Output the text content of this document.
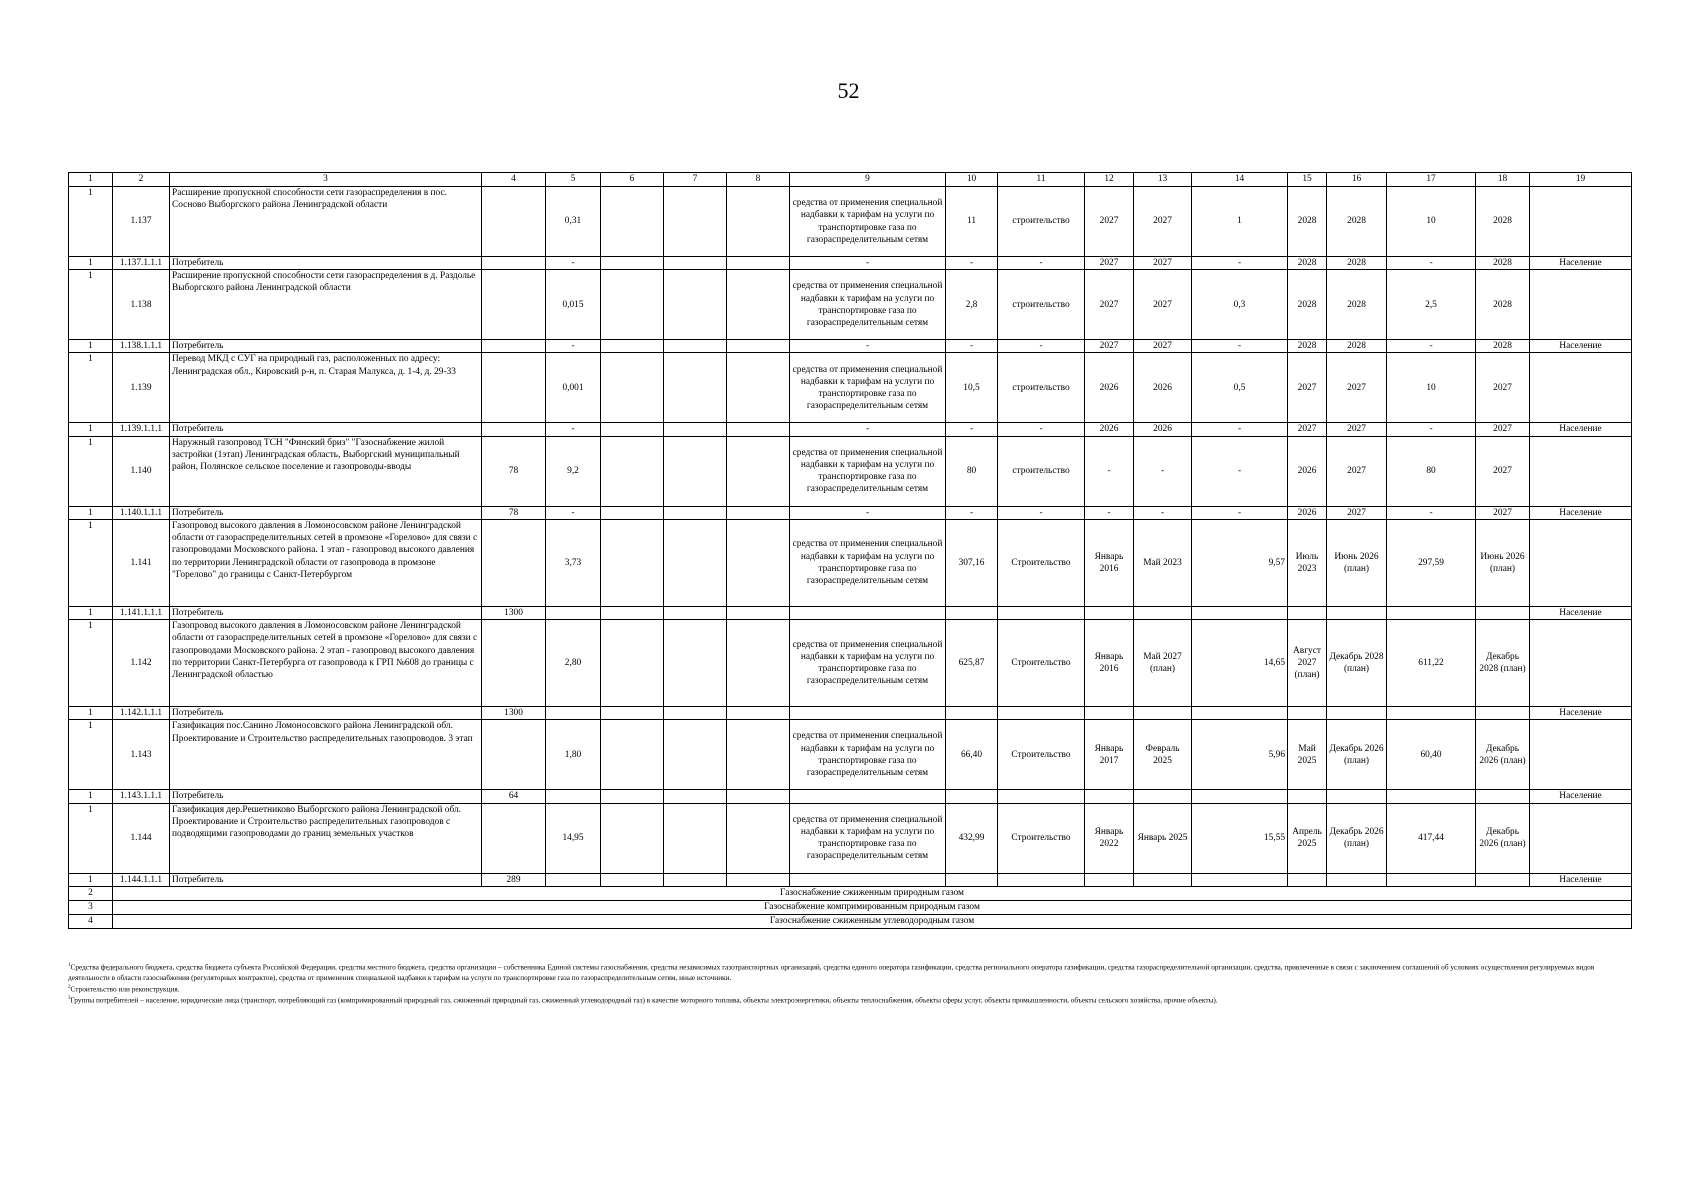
52
1	2	3	4	5	6	7	8	9	10	11	12	13	14	15	16	17	18	19
1	1.137	Расширение пропускной способности сети газораспределения в пос. Сосново Выборгского района Ленинградской области		0,31				средства от применения специальной надбавки к тарифам на услуги по транспортировке газа по газораспределительным сетям	11	строительство	2027	2027	1	2028	2028	10	2028	
1	1.137.1.1.1	Потребитель		-				-	-	-	2027	2027	-	2028	2028	-	2028	Население
1	1.138	Расширение пропускной способности сети газораспределения в д. Раздолье Выборгского района Ленинградской области		0,015				средства от применения специальной надбавки к тарифам на услуги по транспортировке газа по газораспределительным сетям	2,8	строительство	2027	2027	0,3	2028	2028	2,5	2028	
1	1.138.1.1.1	Потребитель		-				-	-	-	2027	2027	-	2028	2028	-	2028	Население
1	1.139	Перевод МКД с СУГ на природный газ, расположенных по адресу: Ленинградская обл., Кировский р-н, п. Старая Малукса, д. 1-4, д. 29-33		0,001				средства от применения специальной надбавки к тарифам на услуги по транспортировке газа по газораспределительным сетям	10,5	строительство	2026	2026	0,5	2027	2027	10	2027	
1	1.139.1.1.1	Потребитель		-				-	-	-	2026	2026	-	2027	2027	-	2027	Население
1	1.140	Наружный газопровод ТСН "Финский бриз" "Газоснабжение жилой застройки (1этап) Ленинградская область, Выборгский муниципальный район, Полянское сельское поселение и газопроводы-вводы	78	9,2				средства от применения специальной надбавки к тарифам на услуги по транспортировке газа по газораспределительным сетям	80	строительство	-	-	-	2026	2027	80	2027	
1	1.140.1.1.1	Потребитель	78	-				-	-	-	-	-	-	2026	2027	-	2027	Население
1	1.141	Газопровод высокого давления в Ломоносовском районе Ленинградской области от газораспределительных сетей в промзоне «Горелово» для связи с газопроводами Московского района. 1 этап - газопровод высокого давления по территории Ленинградской области от газопровода в промзоне "Горелово" до границы с Санкт-Петербургом		3,73				средства от применения специальной надбавки к тарифам на услуги по транспортировке газа по газораспределительным сетям	307,16	Строительство	Январь 2016	Май 2023	9,57	Июль 2023	Июнь 2026 (план)	297,59	Июнь 2026 (план)	
1	1.141.1.1.1	Потребитель	1300															Население
1	1.142	Газопровод высокого давления в Ломоносовском районе Ленинградской области от газораспределительных сетей в промзоне «Горелово» для связи с газопроводами Московского района. 2 этап - газопровод высокого давления по территории Санкт-Петербурга от газопровода к ГРП №608 до границы с Ленинградской областью		2,80				средства от применения специальной надбавки к тарифам на услуги по транспортировке газа по газораспределительным сетям	625,87	Строительство	Январь 2016	Май 2027 (план)	14,65	Август 2027 (план)	Декабрь 2028 (план)	611,22	Декабрь 2028 (план)	
1	1.142.1.1.1	Потребитель	1300															Население
1	1.143	Газификация пос.Санино Ломоносовского района Ленинградской обл. Проектирование и Строительство распределительных газопроводов. 3 этап		1,80				средства от применения специальной надбавки к тарифам на услуги по транспортировке газа по газораспределительным сетям	66,40	Строительство	Январь 2017	Февраль 2025	5,96	Май 2025	Декабрь 2026 (план)	60,40	Декабрь 2026 (план)	
1	1.143.1.1.1	Потребитель	64															Население
1	1.144	Газификация дер.Решетниково Выборгского района Ленинградской обл. Проектирование и Строительство распределительных газопроводов с подводящими газопроводами до границ земельных участков		14,95				средства от применения специальной надбавки к тарифам на услуги по транспортировке газа по газораспределительным сетям	432,99	Строительство	Январь 2022	Январь 2025	15,55	Апрель 2025	Декабрь 2026 (план)	417,44	Декабрь 2026 (план)	
1	1.144.1.1.1	Потребитель	289															Население
2	Газоснабжение сжиженным природным газом																	
3	Газоснабжение компримированным природным газом																	
4	Газоснабжение сжиженным углеводородным газом																	

$^1$Средства федерального бюджета, средства бюджета субъекта Российской Федерации, средства местного бюджета, средства организации – собственника Единой системы газоснабжения, средства независимых газотранспортных организаций, средства единого оператора газификации, средства регионального оператора газификации, средства газораспределительной организации, средства, привлеченные в связи с заключением соглашений об условиях осуществления регулируемых видов деятельности в области газоснабжения (регуляторных контрактов), средства от применения специальной надбавки к тарифам на услуги по транспортировке газа по газораспределительным сетям, иные источники.

$^2$Строительство или реконструкция.

$^3$Группы потребителей – население, юридические лица (транспорт, потребляющий газ (компримированный природный газ, сжиженный природный газ, сжиженный углеводородный газ) в качестве моторного топлива, объекты электроэнергетики, объекты теплоснабжения, объекты сферы услуг, объекты промышленности, объекты сельского хозяйства, прочие объекты).
